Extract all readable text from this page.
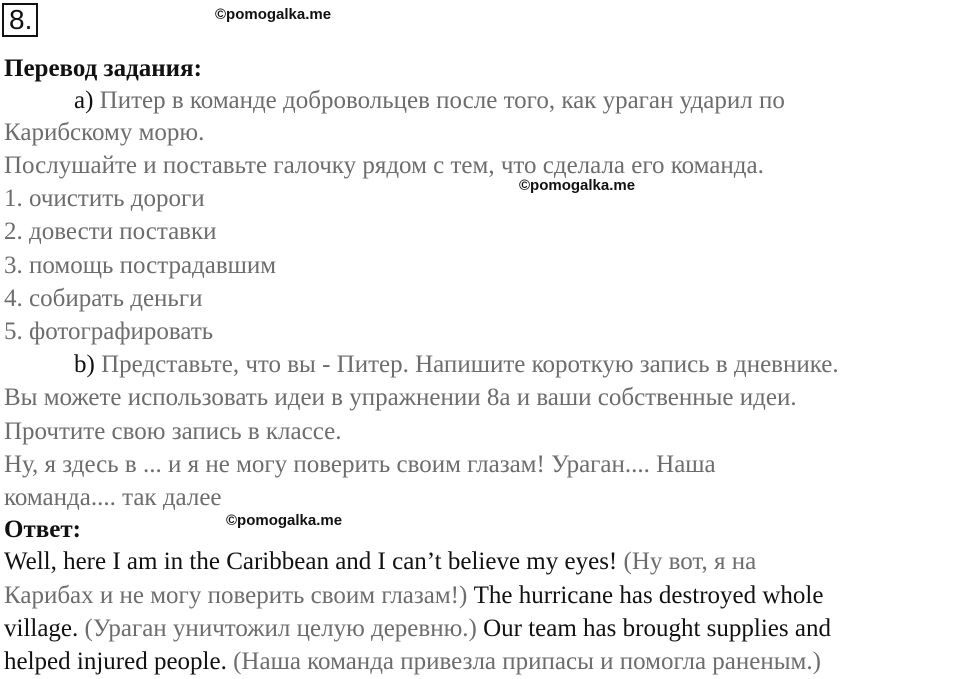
8.	©pomogalka.me
Перевод задания:
a) Питер в команде добровольцев после того, как ураган ударил по
Карибскому морю.
Послушайте и поставьте галочку рядом с тем, что сделала его команда.
©pomogalka.me
1. очистить дороги
2. довести поставки
3. помощь пострадавшим
4. собирать деньги
5. фотографировать
b) Представьте, что вы - Питер. Напишите короткую запись в дневнике.
Вы можете использовать идеи в упражнении 8а и ваши собственные идеи.
Прочтите свою запись в классе.
Ну, я здесь в ... и я не могу поверить своим глазам! Ураган.... Наша
команда.... так далее
Ответ:	©pomogalka.me
Well, here I am in the Caribbean and I can’t believe my eyes! (Ну вот, я на
Карибах и не могу поверить своим глазам!) The hurricane has destroyed whole
village. (Ураган уничтожил целую деревню.) Our team has brought supplies and
helped injured people. (Наша команда привезла припасы и помогла раненым.)
